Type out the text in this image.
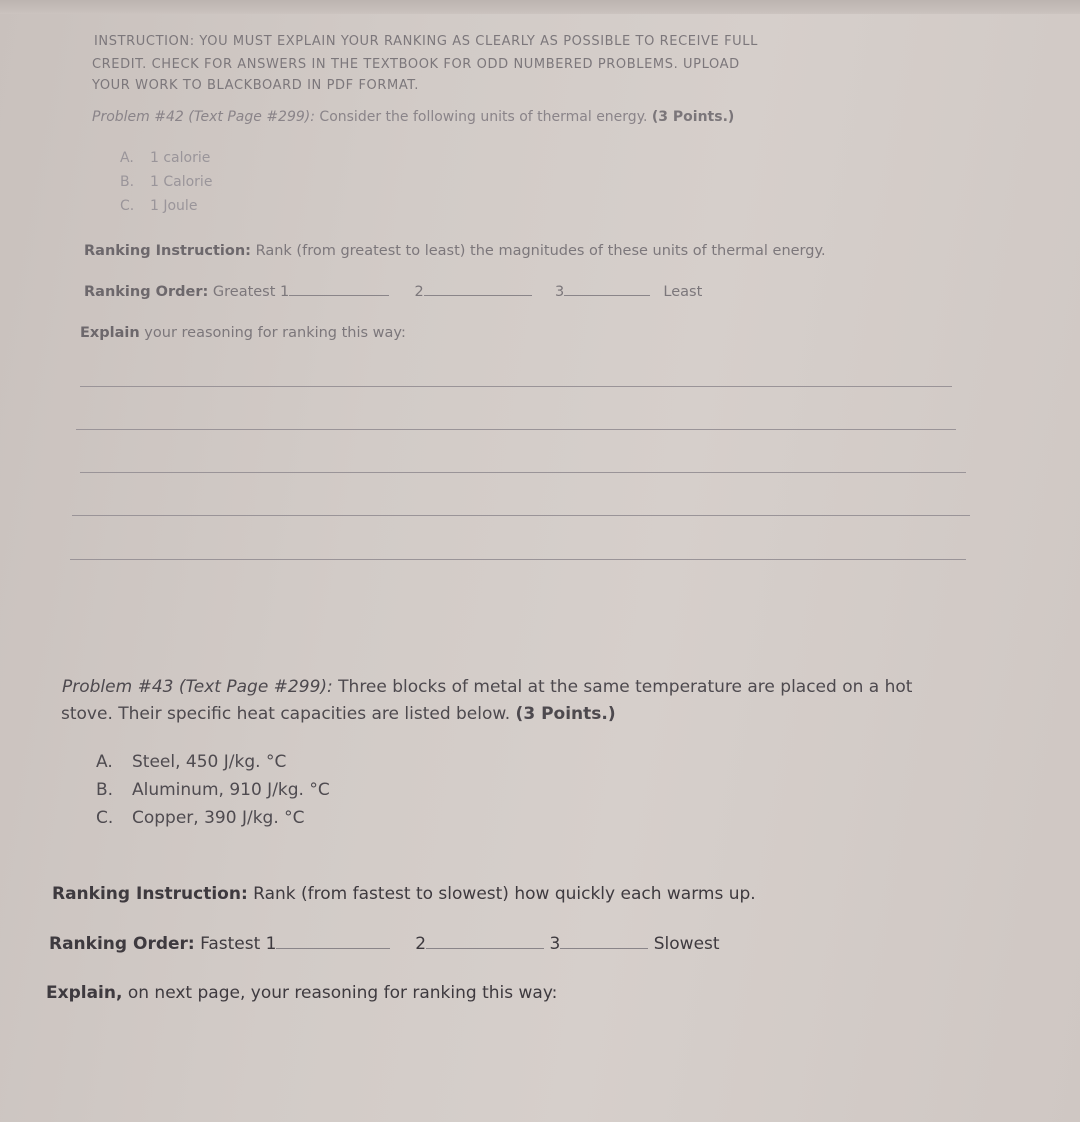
INSTRUCTION: YOU MUST EXPLAIN YOUR RANKING AS CLEARLY AS POSSIBLE TO RECEIVE FULL
CREDIT. CHECK FOR ANSWERS IN THE TEXTBOOK FOR ODD NUMBERED PROBLEMS. UPLOAD
YOUR WORK TO BLACKBOARD IN PDF FORMAT.
Problem #42 (Text Page #299): Consider the following units of thermal energy. (3 Points.)
A. 1 calorie
B. 1 Calorie
C. 1 Joule
Ranking Instruction: Rank (from greatest to least) the magnitudes of these units of thermal energy.
Ranking Order: Greatest 1	2	3	Least
Explain your reasoning for ranking this way:
Problem #43 (Text Page #299): Three blocks of metal at the same temperature are placed on a hot
stove. Their specific heat capacities are listed below. (3 Points.)
A. Steel, 450 J/kg. °C
B. Aluminum, 910 J/kg. °C
C. Copper, 390 J/kg. °C
Ranking Instruction: Rank (from fastest to slowest) how quickly each warms up.
Ranking Order: Fastest 1	2	3	Slowest
Explain, on next page, your reasoning for ranking this way:
